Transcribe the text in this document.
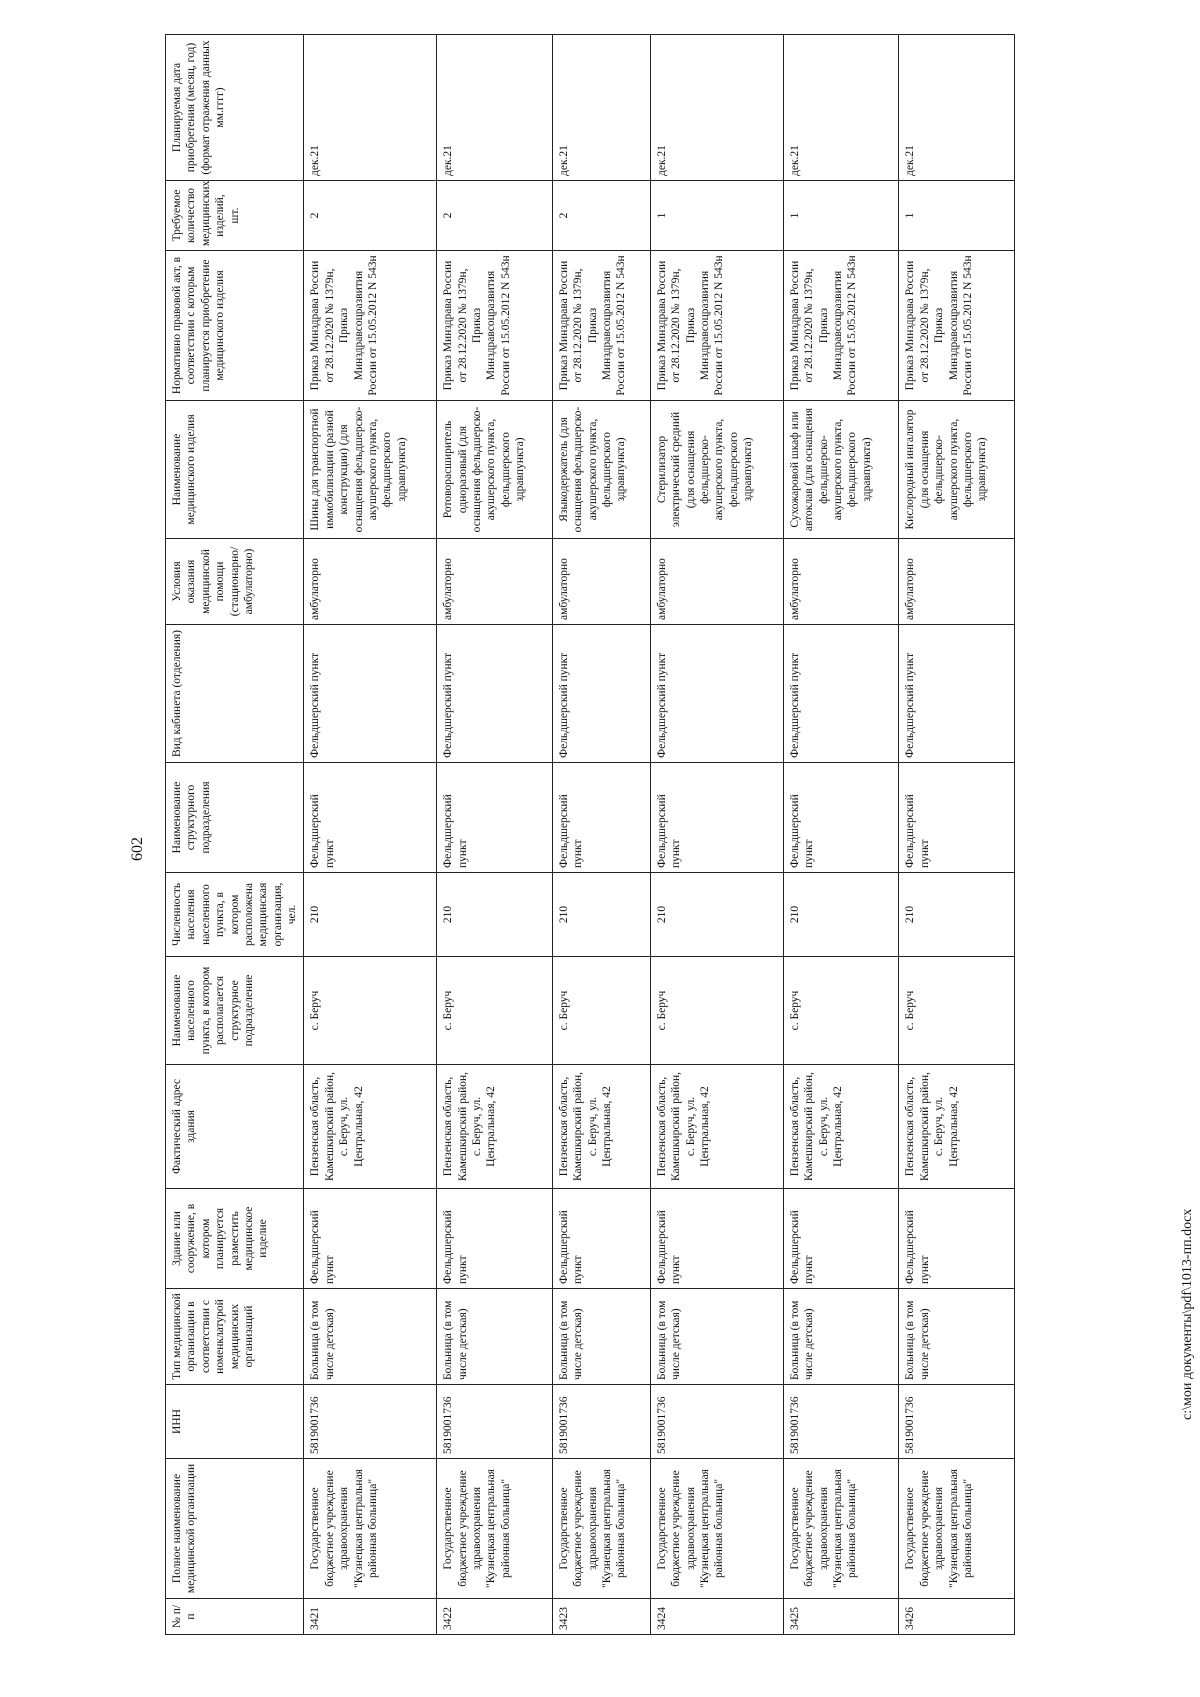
602
№ п/п	Полное наименование медицинской организации	ИНН	Тип медицинской организации в соответствии с номенклатурой медицинских организаций	Здание или сооружение, в котором планируется разместить медицинское изделие	Фактический адрес здания	Наименование населенного пункта, в котором располагается структурное подразделение	Численность населения населенного пункта, в котором расположена медицинская организация, чел.	Наименование структурного подразделения	Вид кабинета (отделения)	Условия оказания медицинской помощи (стационарно/амбулаторно)	Наименование медицинского изделия	Нормативно правовой акт, в соответствии с которым планируется приобретение медицинского изделия	Требуемое количество медицинских изделий, шт.	Планируемая дата приобретения (месяц, год) (формат отражения данных мм.гггг)
3421	Государственное бюджетное учреждение здравоохранения "Кузнецкая центральная районная больница"	5819001736	Больница (в том числе детская)	Фельдшерский пункт	Пензенская область, Камешкирский район, с. Беруч, ул. Центральная, 42	с. Беруч	210	Фельдшерский пункт	Фельдшерский пункт	амбулаторно	Шины для транспортной иммобилизации (разной конструкции) (для оснащения фельдшерско-акушерского пункта, фельдшерского здравпункта)	Приказ Минздрава России от 28.12.2020 № 1379н, Приказ Минздравсоцразвития России от 15.05.2012 N 543н	2	дек.21
3422	Государственное бюджетное учреждение здравоохранения "Кузнецкая центральная районная больница"	5819001736	Больница (в том числе детская)	Фельдшерский пункт	Пензенская область, Камешкирский район, с. Беруч, ул. Центральная, 42	с. Беруч	210	Фельдшерский пункт	Фельдшерский пункт	амбулаторно	Ротоворасширитель одноразовый (для оснащения фельдшерско-акушерского пункта, фельдшерского здравпункта)	Приказ Минздрава России от 28.12.2020 № 1379н, Приказ Минздравсоцразвития России от 15.05.2012 N 543н	2	дек.21
3423	Государственное бюджетное учреждение здравоохранения "Кузнецкая центральная районная больница"	5819001736	Больница (в том числе детская)	Фельдшерский пункт	Пензенская область, Камешкирский район, с. Беруч, ул. Центральная, 42	с. Беруч	210	Фельдшерский пункт	Фельдшерский пункт	амбулаторно	Языкодержатель (для оснащения фельдшерско-акушерского пункта, фельдшерского здравпункта)	Приказ Минздрава России от 28.12.2020 № 1379н, Приказ Минздравсоцразвития России от 15.05.2012 N 543н	2	дек.21
3424	Государственное бюджетное учреждение здравоохранения "Кузнецкая центральная районная больница"	5819001736	Больница (в том числе детская)	Фельдшерский пункт	Пензенская область, Камешкирский район, с. Беруч, ул. Центральная, 42	с. Беруч	210	Фельдшерский пункт	Фельдшерский пункт	амбулаторно	Стерилизатор электрический средний (для оснащения фельдшерско-акушерского пункта, фельдшерского здравпункта)	Приказ Минздрава России от 28.12.2020 № 1379н, Приказ Минздравсоцразвития России от 15.05.2012 N 543н	1	дек.21
3425	Государственное бюджетное учреждение здравоохранения "Кузнецкая центральная районная больница"	5819001736	Больница (в том числе детская)	Фельдшерский пункт	Пензенская область, Камешкирский район, с. Беруч, ул. Центральная, 42	с. Беруч	210	Фельдшерский пункт	Фельдшерский пункт	амбулаторно	Сухожаровой шкаф или автоклав (для оснащения фельдшерско-акушерского пункта, фельдшерского здравпункта)	Приказ Минздрава России от 28.12.2020 № 1379н, Приказ Минздравсоцразвития России от 15.05.2012 N 543н	1	дек.21
3426	Государственное бюджетное учреждение здравоохранения "Кузнецкая центральная районная больница"	5819001736	Больница (в том числе детская)	Фельдшерский пункт	Пензенская область, Камешкирский район, с. Беруч, ул. Центральная, 42	с. Беруч	210	Фельдшерский пункт	Фельдшерский пункт	амбулаторно	Кислородный ингалятор (для оснащения фельдшерско-акушерского пункта, фельдшерского здравпункта)	Приказ Минздрава России от 28.12.2020 № 1379н, Приказ Минздравсоцразвития России от 15.05.2012 N 543н	1	дек.21
c:\мои документы\pdf\1013-пп.docx
